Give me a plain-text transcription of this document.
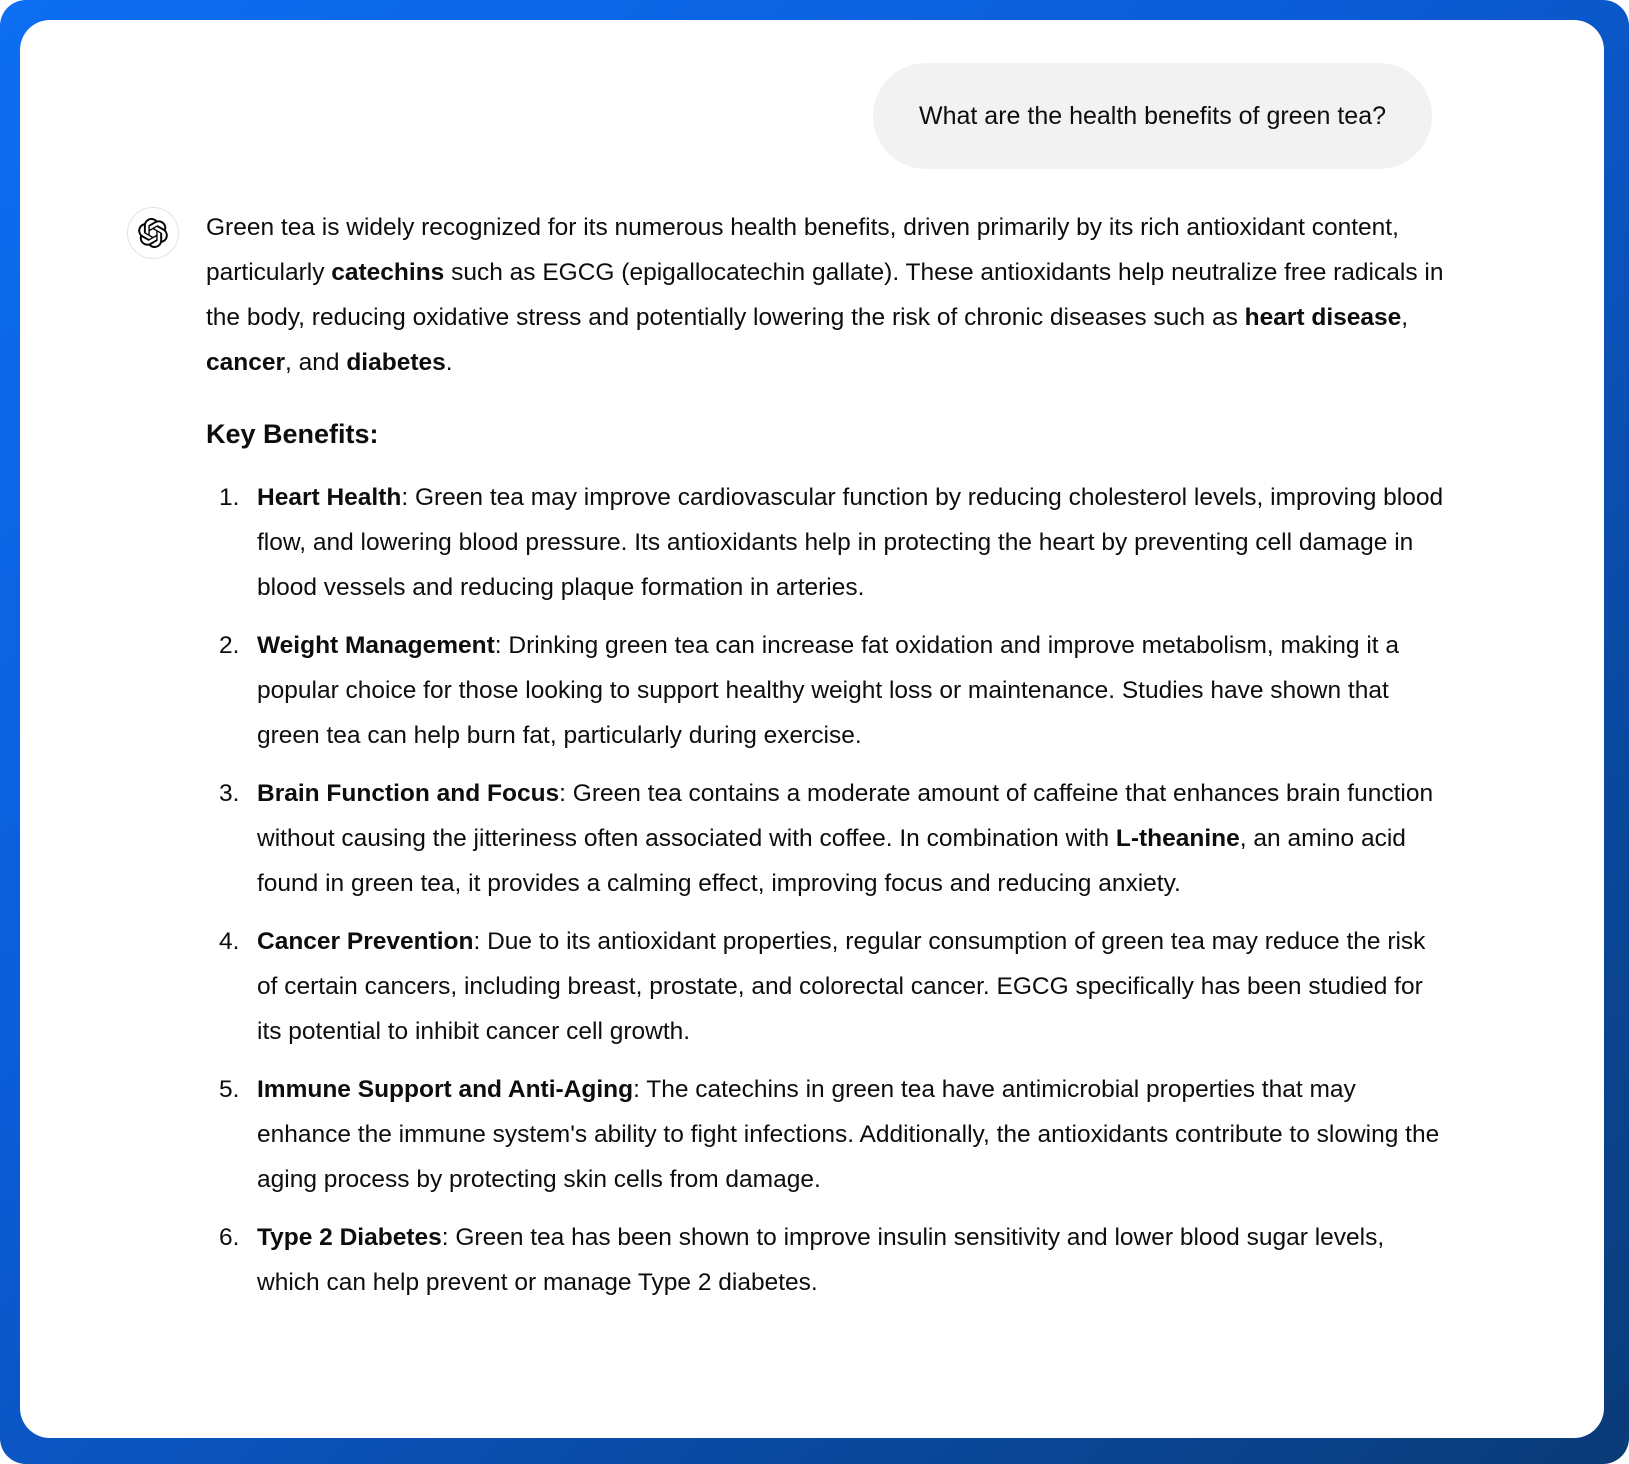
What are the health benefits of green tea?
Green tea is widely recognized for its numerous health benefits, driven primarily by its rich antioxidant content, particularly catechins such as EGCG (epigallocatechin gallate). These antioxidants help neutralize free radicals in the body, reducing oxidative stress and potentially lowering the risk of chronic diseases such as heart disease, cancer, and diabetes.
Key Benefits:
1. Heart Health: Green tea may improve cardiovascular function by reducing cholesterol levels, improving blood flow, and lowering blood pressure. Its antioxidants help in protecting the heart by preventing cell damage in blood vessels and reducing plaque formation in arteries.
2. Weight Management: Drinking green tea can increase fat oxidation and improve metabolism, making it a popular choice for those looking to support healthy weight loss or maintenance. Studies have shown that green tea can help burn fat, particularly during exercise.
3. Brain Function and Focus: Green tea contains a moderate amount of caffeine that enhances brain function without causing the jitteriness often associated with coffee. In combination with L-theanine, an amino acid found in green tea, it provides a calming effect, improving focus and reducing anxiety.
4. Cancer Prevention: Due to its antioxidant properties, regular consumption of green tea may reduce the risk of certain cancers, including breast, prostate, and colorectal cancer. EGCG specifically has been studied for its potential to inhibit cancer cell growth.
5. Immune Support and Anti-Aging: The catechins in green tea have antimicrobial properties that may enhance the immune system's ability to fight infections. Additionally, the antioxidants contribute to slowing the aging process by protecting skin cells from damage.
6. Type 2 Diabetes: Green tea has been shown to improve insulin sensitivity and lower blood sugar levels, which can help prevent or manage Type 2 diabetes.
